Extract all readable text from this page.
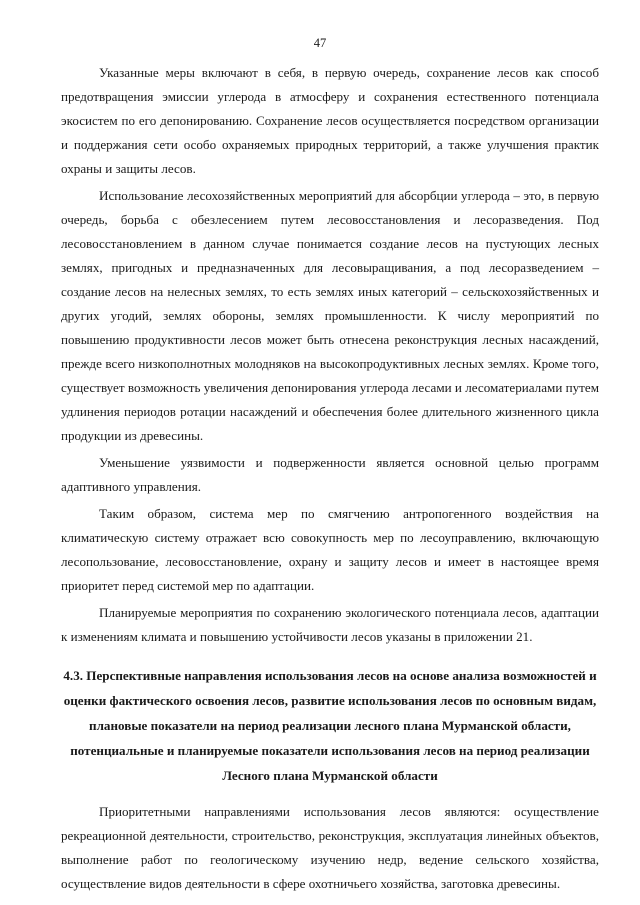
47

Указанные меры включают в себя, в первую очередь, сохранение лесов как способ предотвращения эмиссии углерода в атмосферу и сохранения естественного потенциала экосистем по его депонированию. Сохранение лесов осуществляется посредством организации и поддержания сети особо охраняемых природных территорий, а также улучшения практик охраны и защиты лесов.

Использование лесохозяйственных мероприятий для абсорбции углерода – это, в первую очередь, борьба с обезлесением путем лесовосстановления и лесоразведения. Под лесовосстановлением в данном случае понимается создание лесов на пустующих лесных землях, пригодных и предназначенных для лесовыращивания, а под лесоразведением – создание лесов на нелесных землях, то есть землях иных категорий – сельскохозяйственных и других угодий, землях обороны, землях промышленности. К числу мероприятий по повышению продуктивности лесов может быть отнесена реконструкция лесных насаждений, прежде всего низкополнотных молодняков на высокопродуктивных лесных землях. Кроме того, существует возможность увеличения депонирования углерода лесами и лесоматериалами путем удлинения периодов ротации насаждений и обеспечения более длительного жизненного цикла продукции из древесины.

Уменьшение уязвимости и подверженности является основной целью программ адаптивного управления.

Таким образом, система мер по смягчению антропогенного воздействия на климатическую систему отражает всю совокупность мер по лесоуправлению, включающую лесопользование, лесовосстановление, охрану и защиту лесов и имеет в настоящее время приоритет перед системой мер по адаптации.

Планируемые мероприятия по сохранению экологического потенциала лесов, адаптации к изменениям климата и повышению устойчивости лесов указаны в приложении 21.

4.3. Перспективные направления использования лесов на основе анализа возможностей и
оценки фактического освоения лесов, развитие использования лесов по основным видам,
плановые показатели на период реализации лесного плана Мурманской области,
потенциальные и планируемые показатели использования лесов на период реализации
Лесного плана Мурманской области

Приоритетными направлениями использования лесов являются: осуществление рекреационной деятельности, строительство, реконструкция, эксплуатация линейных объектов, выполнение работ по геологическому изучению недр, ведение сельского хозяйства, осуществление видов деятельности в сфере охотничьего хозяйства, заготовка древесины.
